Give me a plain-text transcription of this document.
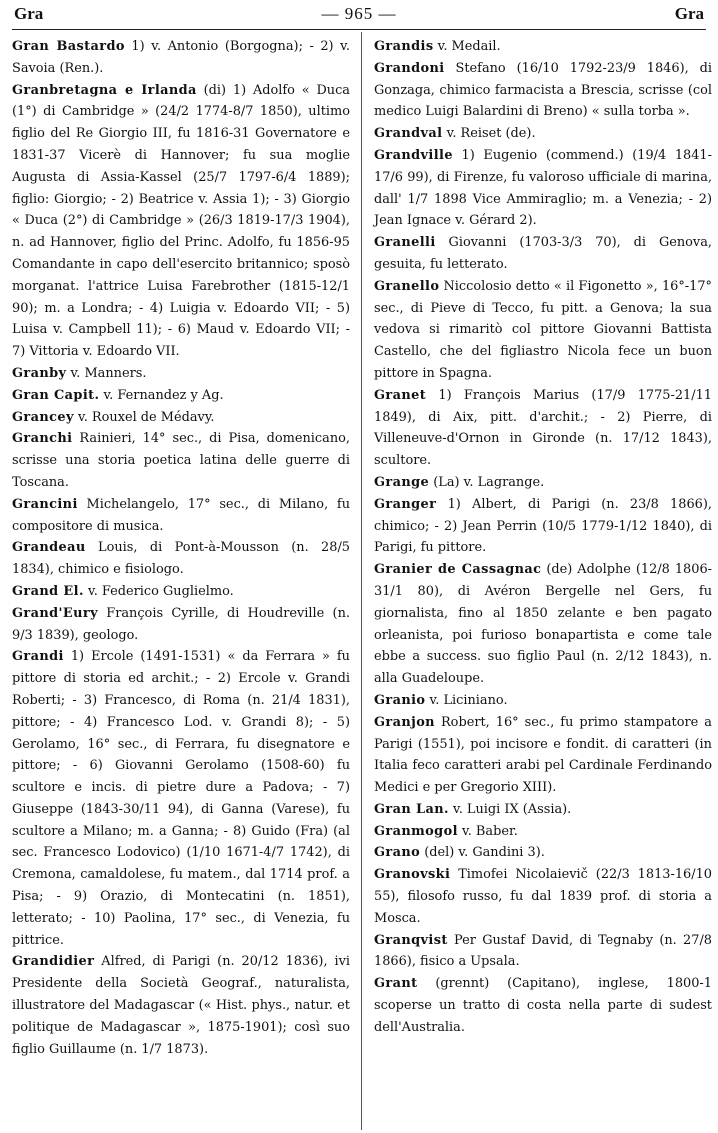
Gra	— 965 —	Gra

Gran Bastardo 1) v. Antonio (Borgogna); - 2) v. Savoia (Ren.).

Granbretagna e Irlanda (di) 1) Adolfo « Duca (1°) di Cambridge » (24/2 1774-8/7 1850), ultimo figlio del Re Giorgio III, fu 1816-31 Governatore e 1831-37 Vicerè di Hannover; fu sua moglie Augusta di Assia-Kassel (25/7 1797-6/4 1889); figlio: Giorgio; - 2) Beatrice v. Assia 1); - 3) Giorgio « Duca (2°) di Cambridge » (26/3 1819-17/3 1904), n. ad Hannover, figlio del Princ. Adolfo, fu 1856-95 Comandante in capo dell'esercito britannico; sposò morganat. l'attrice Luisa Farebrother (1815-12/1 90); m. a Londra; - 4) Luigia v. Edoardo VII; - 5) Luisa v. Campbell 11); - 6) Maud v. Edoardo VII; - 7) Vittoria v. Edoardo VII.

Granby v. Manners.

Gran Capit. v. Fernandez y Ag.

Grancey v. Rouxel de Médavy.

Granchi Rainieri, 14° sec., di Pisa, domenicano, scrisse una storia poetica latina delle guerre di Toscana.

Grancini Michelangelo, 17° sec., di Milano, fu compositore di musica.

Grandeau Louis, di Pont-à-Mousson (n. 28/5 1834), chimico e fisiologo.

Grand El. v. Federico Guglielmo.

Grand'Eury François Cyrille, di Houdreville (n. 9/3 1839), geologo.

Grandi 1) Ercole (1491-1531) « da Ferrara » fu pittore di storia ed archit.; - 2) Ercole v. Grandi Roberti; - 3) Francesco, di Roma (n. 21/4 1831), pittore; - 4) Francesco Lod. v. Grandi 8); - 5) Gerolamo, 16° sec., di Ferrara, fu disegnatore e pittore; - 6) Giovanni Gerolamo (1508-60) fu scultore e incis. di pietre dure a Padova; - 7) Giuseppe (1843-30/11 94), di Ganna (Varese), fu scultore a Milano; m. a Ganna; - 8) Guido (Fra) (al sec. Francesco Lodovico) (1/10 1671-4/7 1742), di Cremona, camaldolese, fu matem., dal 1714 prof. a Pisa; - 9) Orazio, di Montecatini (n. 1851), letterato; - 10) Paolina, 17° sec., di Venezia, fu pittrice.

Grandidier Alfred, di Parigi (n. 20/12 1836), ivi Presidente della Società Geograf., naturalista, illustratore del Madagascar (« Hist. phys., natur. et politique de Madagascar », 1875-1901); così suo figlio Guillaume (n. 1/7 1873).

Grandis v. Medail.

Grandoni Stefano (16/10 1792-23/9 1846), di Gonzaga, chimico farmacista a Brescia, scrisse (col medico Luigi Balardini di Breno) « sulla torba ».

Grandval v. Reiset (de).

Grandville 1) Eugenio (commend.) (19/4 1841-17/6 99), di Firenze, fu valoroso ufficiale di marina, dall' 1/7 1898 Vice Ammiraglio; m. a Venezia; - 2) Jean Ignace v. Gérard 2).

Granelli Giovanni (1703-3/3 70), di Genova, gesuita, fu letterato.

Granello Niccolosio detto « il Figonetto », 16°-17° sec., di Pieve di Tecco, fu pitt. a Genova; la sua vedova si rimaritò col pittore Giovanni Battista Castello, che del figliastro Nicola fece un buon pittore in Spagna.

Granet 1) François Marius (17/9 1775-21/11 1849), di Aix, pitt. d'archit.; - 2) Pierre, di Villeneuve-d'Ornon in Gironde (n. 17/12 1843), scultore.

Grange (La) v. Lagrange.

Granger 1) Albert, di Parigi (n. 23/8 1866), chimico; - 2) Jean Perrin (10/5 1779-1/12 1840), di Parigi, fu pittore.

Granier de Cassagnac (de) Adolphe (12/8 1806-31/1 80), di Avéron Bergelle nel Gers, fu giornalista, fino al 1850 zelante e ben pagato orleanista, poi furioso bonapartista e come tale ebbe a success. suo figlio Paul (n. 2/12 1843), n. alla Guadeloupe.

Granio v. Liciniano.

Granjon Robert, 16° sec., fu primo stampatore a Parigi (1551), poi incisore e fondit. di caratteri (in Italia feco caratteri arabi pel Cardinale Ferdinando Medici e per Gregorio XIII).

Gran Lan. v. Luigi IX (Assia).

Granmogol v. Baber.

Grano (del) v. Gandini 3).

Granovski Timofei Nicolaievič (22/3 1813-16/10 55), filosofo russo, fu dal 1839 prof. di storia a Mosca.

Granqvist Per Gustaf David, di Tegnaby (n. 27/8 1866), fisico a Upsala.

Grant (grennt) (Capitano), inglese, 1800-1 scoperse un tratto di costa nella parte di sudest dell'Australia.
